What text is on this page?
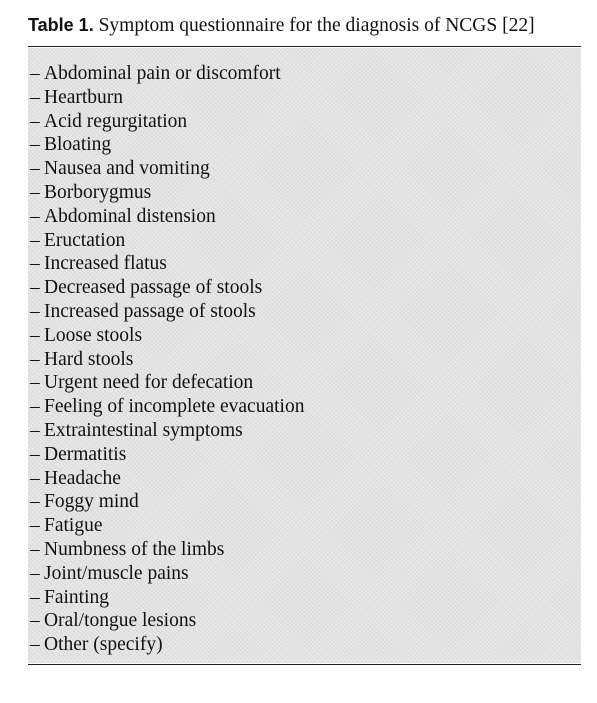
Table 1. Symptom questionnaire for the diagnosis of NCGS [22]
– Abdominal pain or discomfort
– Heartburn
– Acid regurgitation
– Bloating
– Nausea and vomiting
– Borborygmus
– Abdominal distension
– Eructation
– Increased flatus
– Decreased passage of stools
– Increased passage of stools
– Loose stools
– Hard stools
– Urgent need for defecation
– Feeling of incomplete evacuation
– Extraintestinal symptoms
– Dermatitis
– Headache
– Foggy mind
– Fatigue
– Numbness of the limbs
– Joint/muscle pains
– Fainting
– Oral/tongue lesions
– Other (specify)
